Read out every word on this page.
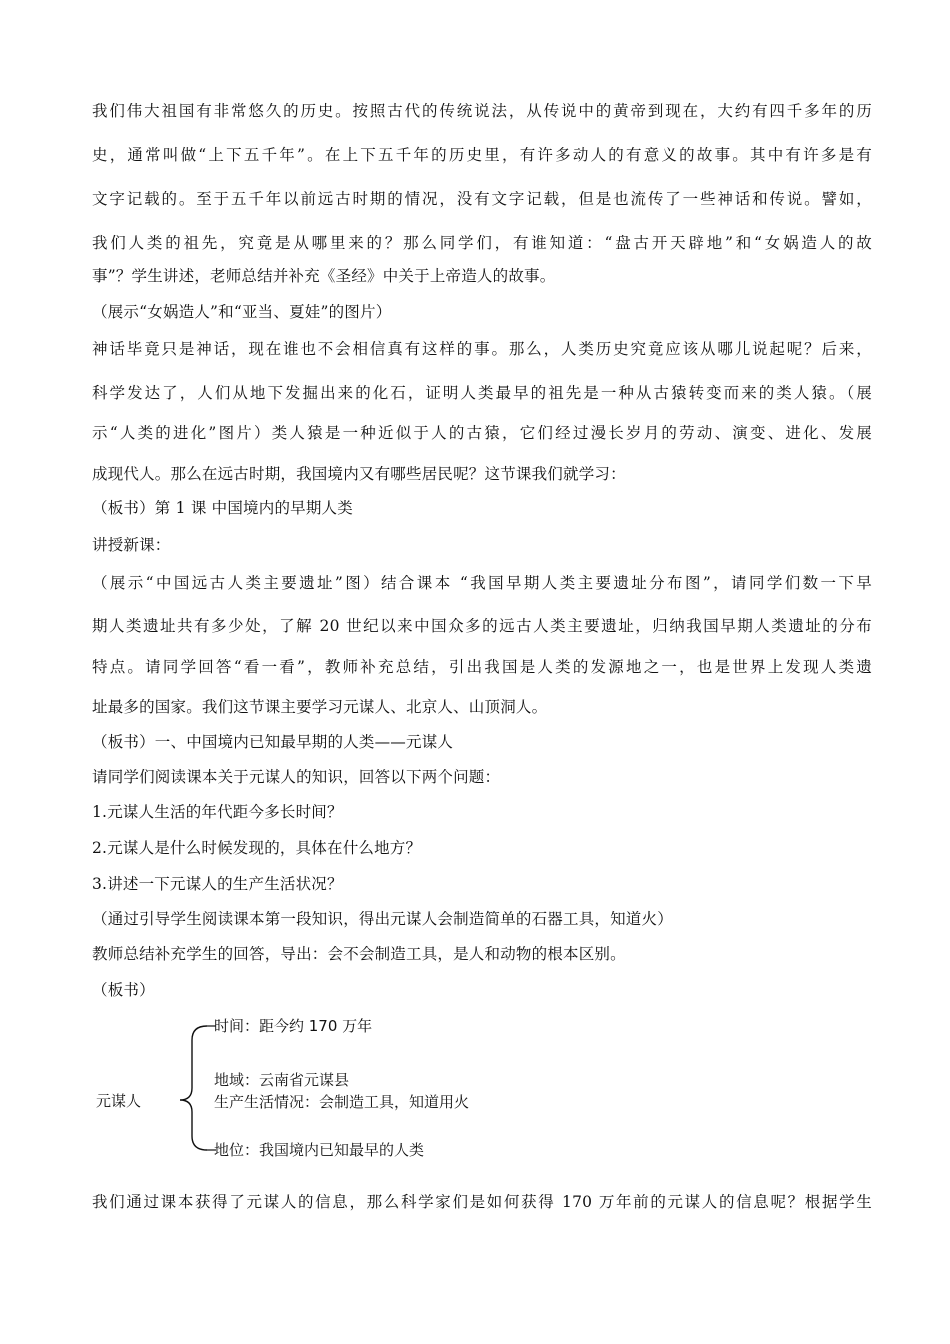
我们伟大祖国有非常悠久的历史。按照古代的传统说法，从传说中的黄帝到现在，大约有四千多年的历
史，通常叫做“上下五千年”。在上下五千年的历史里，有许多动人的有意义的故事。其中有许多是有
文字记载的。至于五千年以前远古时期的情况，没有文字记载，但是也流传了一些神话和传说。譬如，
我们人类的祖先，究竟是从哪里来的？那么同学们，有谁知道：“盘古开天辟地”和“女娲造人的故
事”？学生讲述，老师总结并补充《圣经》中关于上帝造人的故事。
（展示“女娲造人”和“亚当、夏娃”的图片）
神话毕竟只是神话，现在谁也不会相信真有这样的事。那么，人类历史究竟应该从哪儿说起呢？后来，
科学发达了，人们从地下发掘出来的化石，证明人类最早的祖先是一种从古猿转变而来的类人猿。（展
示“人类的进化”图片）类人猿是一种近似于人的古猿，它们经过漫长岁月的劳动、演变、进化、发展
成现代人。那么在远古时期，我国境内又有哪些居民呢？这节课我们就学习：
（板书）第 1 课 中国境内的早期人类
讲授新课：
（展示“中国远古人类主要遗址”图）结合课本 “我国早期人类主要遗址分布图”，请同学们数一下早
期人类遗址共有多少处，了解 20 世纪以来中国众多的远古人类主要遗址，归纳我国早期人类遗址的分布
特点。请同学回答“看一看”，教师补充总结，引出我国是人类的发源地之一，也是世界上发现人类遗
址最多的国家。我们这节课主要学习元谋人、北京人、山顶洞人。
（板书）一、中国境内已知最早期的人类——元谋人
请同学们阅读课本关于元谋人的知识，回答以下两个问题：
1.元谋人生活的年代距今多长时间？
2.元谋人是什么时候发现的，具体在什么地方？
3.讲述一下元谋人的生产生活状况？
（通过引导学生阅读课本第一段知识，得出元谋人会制造简单的石器工具，知道火）
教师总结补充学生的回答，导出：会不会制造工具，是人和动物的根本区别。
（板书）
元谋人
时间：距今约 170 万年
地域：云南省元谋县
生产生活情况：会制造工具，知道用火
地位：我国境内已知最早的人类
我们通过课本获得了元谋人的信息，那么科学家们是如何获得 170 万年前的元谋人的信息呢？根据学生
